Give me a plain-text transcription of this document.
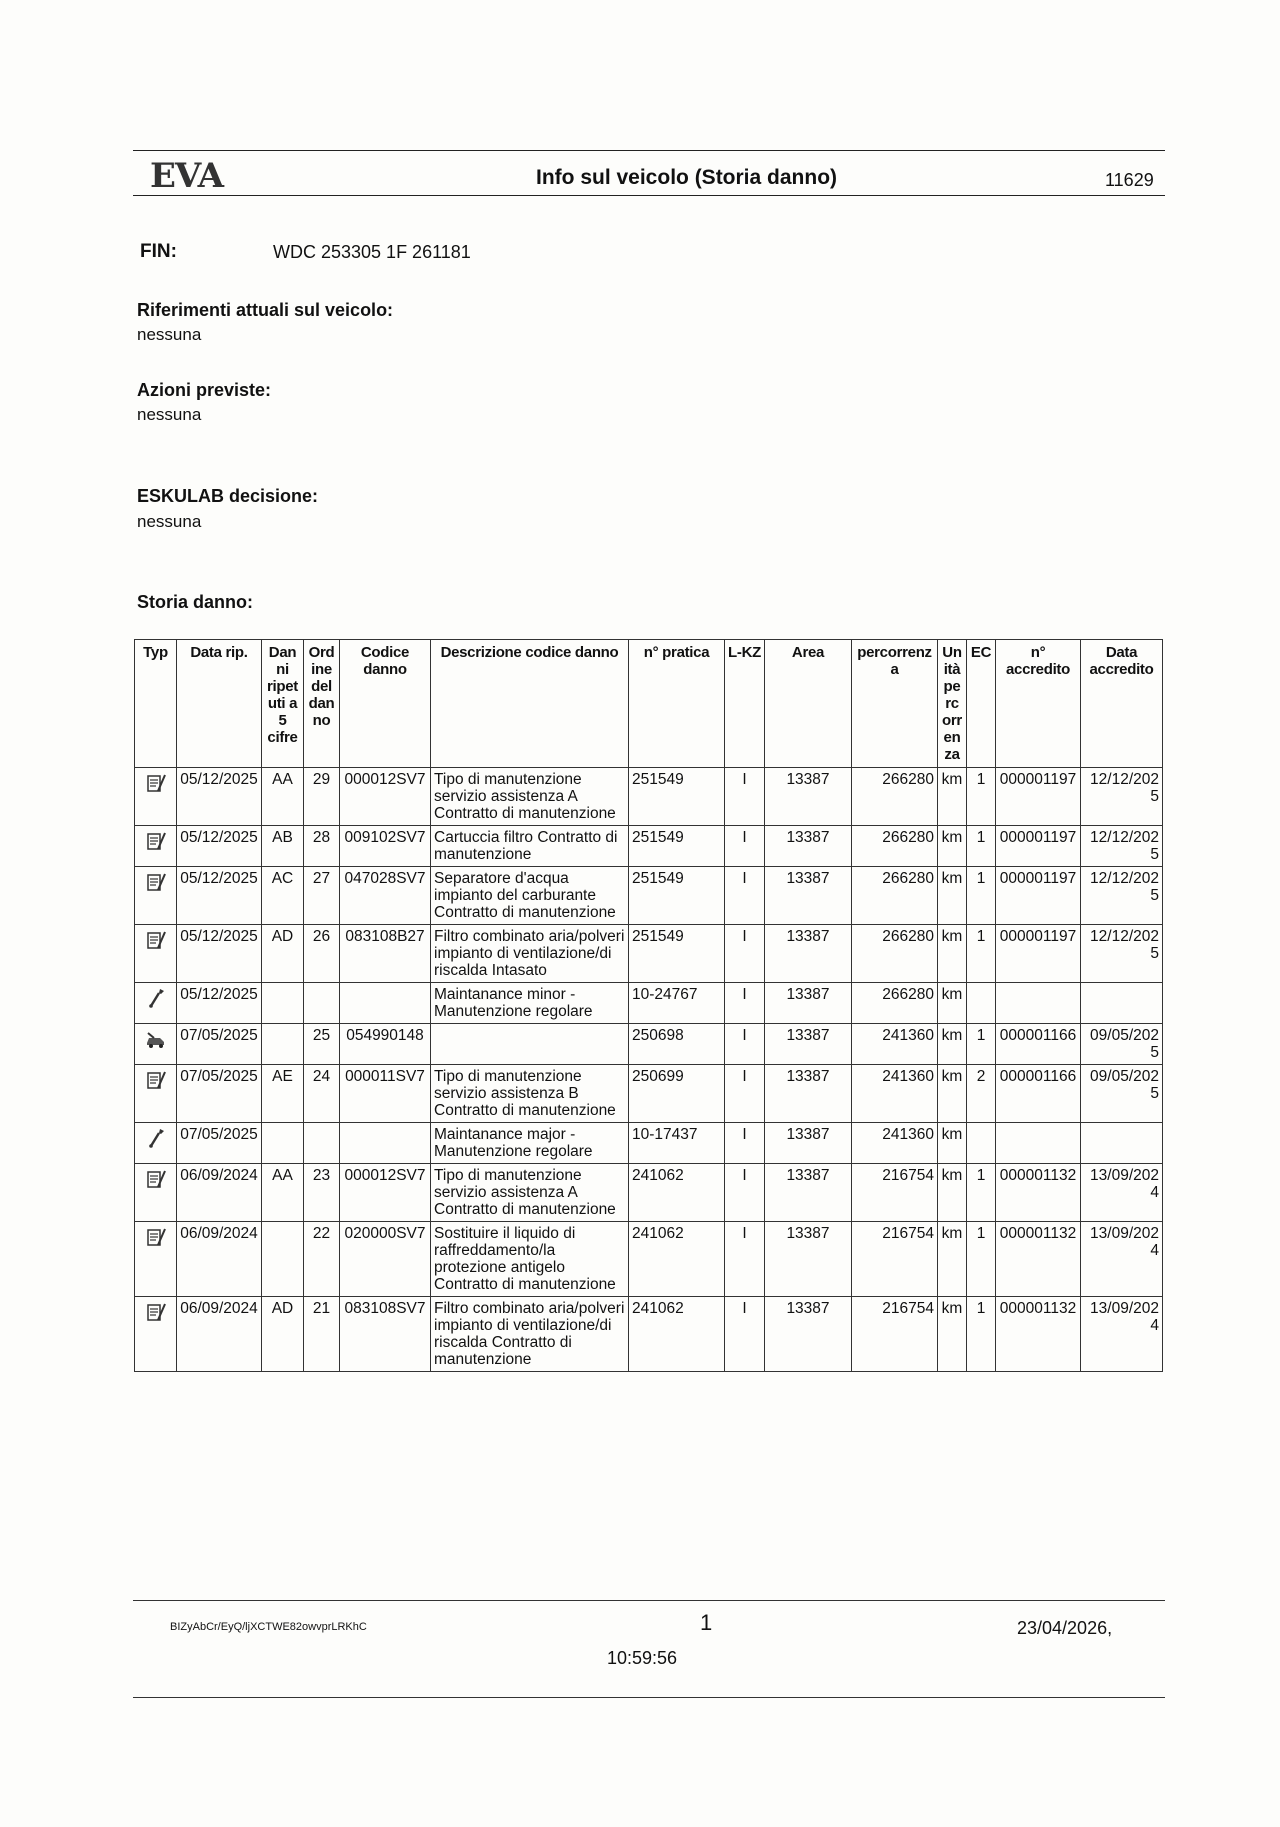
EVA	Info sul veicolo (Storia danno)	11629
FIN:	WDC 253305 1F 261181
Riferimenti attuali sul veicolo:
nessuna
Azioni previste:
nessuna
ESKULAB decisione:
nessuna
Storia danno:
Typ	Data rip.	Danni ripetuti a 5 cifre	Ordine del danno	Codice danno	Descrizione codice danno	n° pratica	L-KZ	Area	percorrenza	Unità percorrenza	EC	n° accredito	Data accredito
	05/12/2025	AA	29	000012SV7	Tipo di manutenzione servizio assistenza A Contratto di manutenzione	251549	I	13387	266280	km	1	000001197	12/12/2025
	05/12/2025	AB	28	009102SV7	Cartuccia filtro Contratto di manutenzione	251549	I	13387	266280	km	1	000001197	12/12/2025
	05/12/2025	AC	27	047028SV7	Separatore d'acqua impianto del carburante Contratto di manutenzione	251549	I	13387	266280	km	1	000001197	12/12/2025
	05/12/2025	AD	26	083108B27	Filtro combinato aria/polveri impianto di ventilazione/di riscalda Intasato	251549	I	13387	266280	km	1	000001197	12/12/2025
	05/12/2025				Maintanance minor - Manutenzione regolare	10-24767	I	13387	266280	km			
	07/05/2025		25	054990148		250698	I	13387	241360	km	1	000001166	09/05/2025
	07/05/2025	AE	24	000011SV7	Tipo di manutenzione servizio assistenza B Contratto di manutenzione	250699	I	13387	241360	km	2	000001166	09/05/2025
	07/05/2025				Maintanance major - Manutenzione regolare	10-17437	I	13387	241360	km			
	06/09/2024	AA	23	000012SV7	Tipo di manutenzione servizio assistenza A Contratto di manutenzione	241062	I	13387	216754	km	1	000001132	13/09/2024
	06/09/2024		22	020000SV7	Sostituire il liquido di raffreddamento/la protezione antigelo Contratto di manutenzione	241062	I	13387	216754	km	1	000001132	13/09/2024
	06/09/2024	AD	21	083108SV7	Filtro combinato aria/polveri impianto di ventilazione/di riscalda Contratto di manutenzione	241062	I	13387	216754	km	1	000001132	13/09/2024
BIZyAbCr/EyQ/ljXCTWE82owvprLRKhC	1	23/04/2026,
10:59:56
